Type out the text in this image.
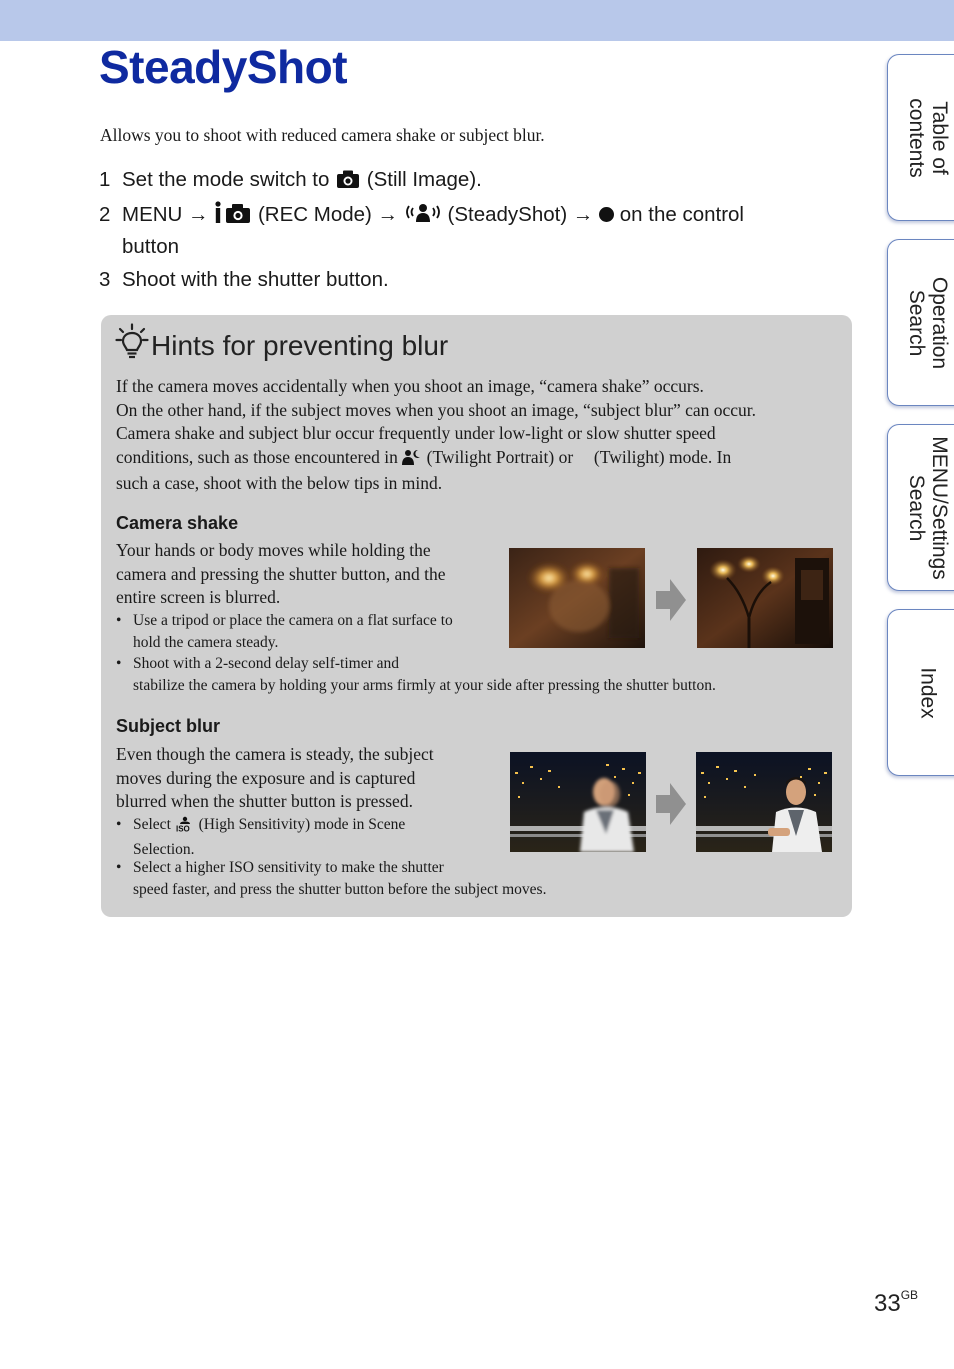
SteadyShot
Allows you to shoot with reduced camera shake or subject blur.
1 Set the mode switch to (Still Image).
2 MENU → (REC Mode) → (SteadyShot) → on the control
button
3 Shoot with the shutter button.
Hints for preventing blur
If the camera moves accidentally when you shoot an image, “camera shake” occurs.
On the other hand, if the subject moves when you shoot an image, “subject blur” can occur.
Camera shake and subject blur occur frequently under low-light or slow shutter speed
conditions, such as those encountered in (Twilight Portrait) or (Twilight) mode. In
such a case, shoot with the below tips in mind.
Camera shake
Your hands or body moves while holding the
camera and pressing the shutter button, and the
entire screen is blurred.
• Use a tripod or place the camera on a flat surface to
hold the camera steady.
• Shoot with a 2-second delay self-timer and
stabilize the camera by holding your arms firmly at your side after pressing the shutter button.
Subject blur
Even though the camera is steady, the subject
moves during the exposure and is captured
blurred when the shutter button is pressed.
• Select ISO (High Sensitivity) mode in Scene
Selection.
• Select a higher ISO sensitivity to make the shutter
speed faster, and press the shutter button before the subject moves.
Table of
contents
Operation
Search
MENU/Settings
Search
Index
$33^{GB}$
